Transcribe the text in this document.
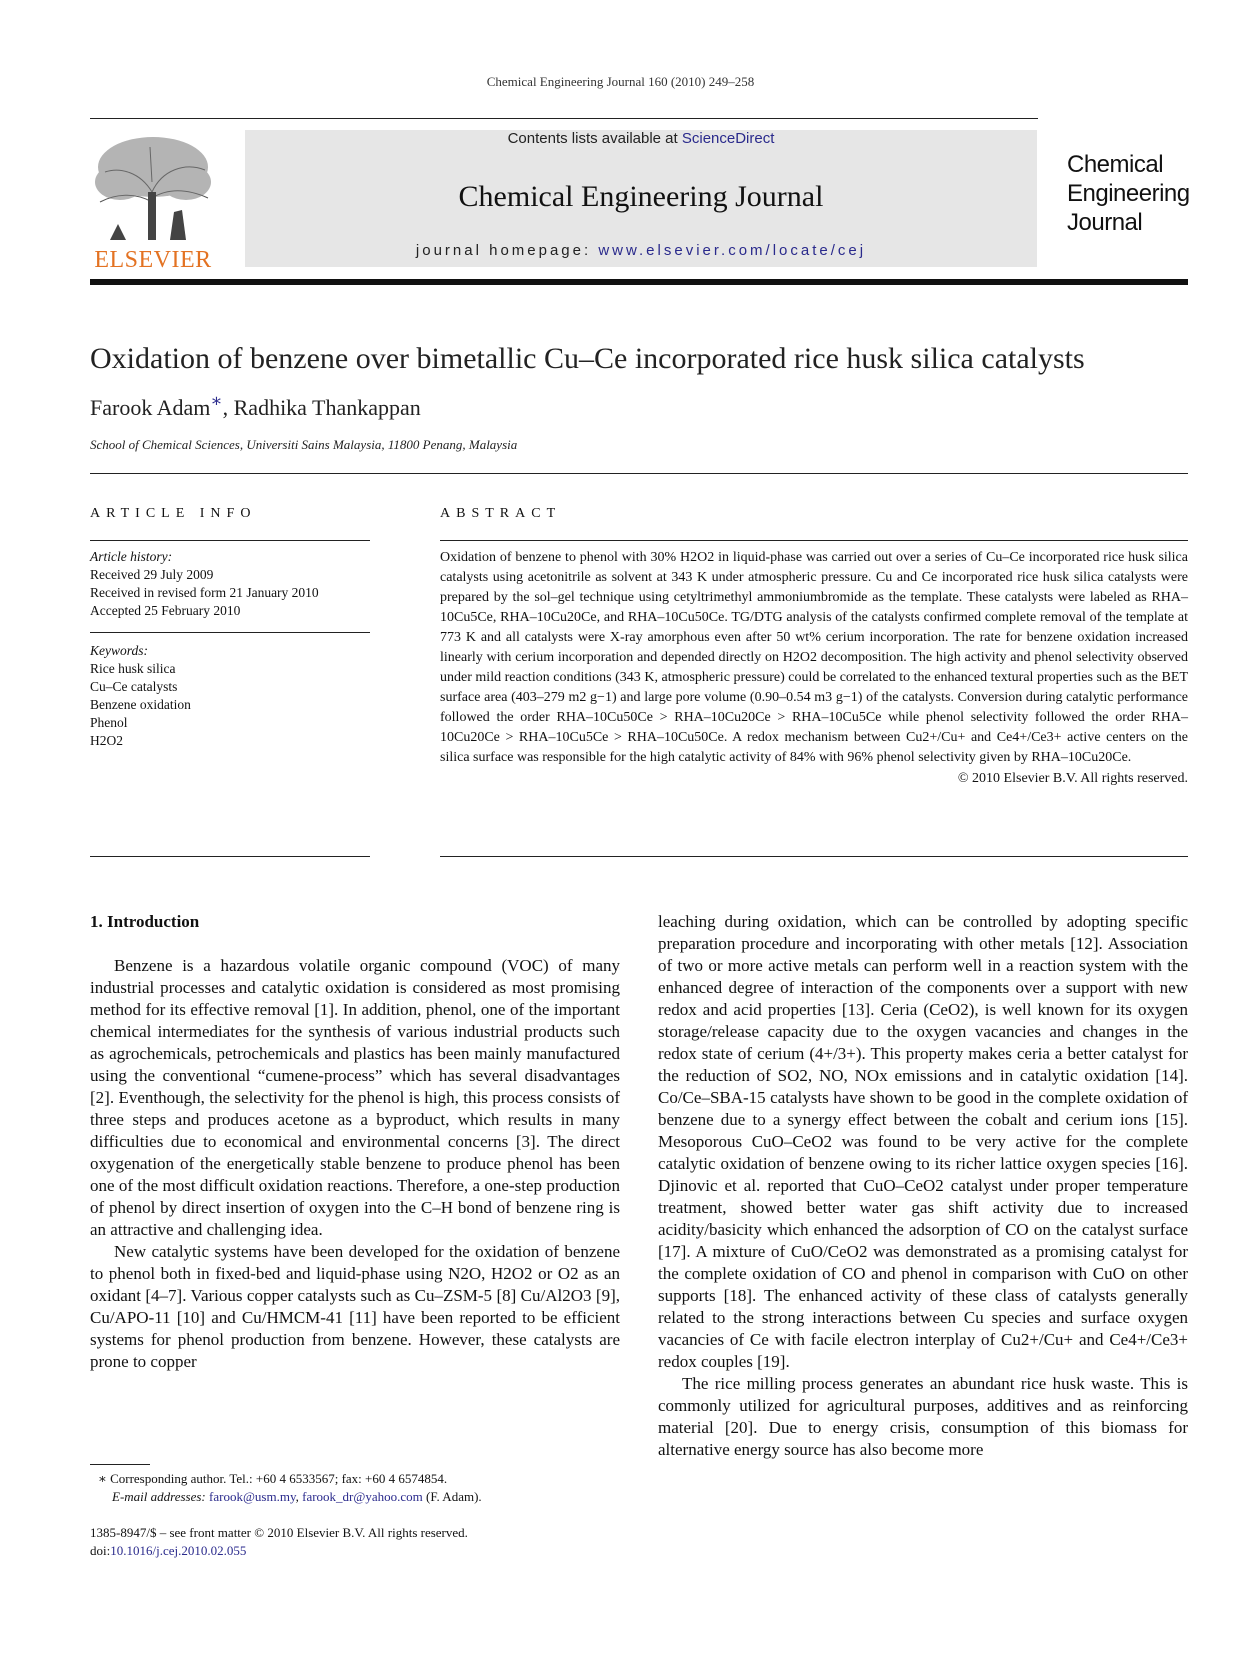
Chemical Engineering Journal 160 (2010) 249–258
ELSEVIER
Contents lists available at ScienceDirect
Chemical Engineering Journal
journal homepage: www.elsevier.com/locate/cej
Chemical
Engineering
Journal
Oxidation of benzene over bimetallic Cu–Ce incorporated rice husk silica catalysts
Farook Adam∗, Radhika Thankappan
School of Chemical Sciences, Universiti Sains Malaysia, 11800 Penang, Malaysia
ARTICLE INFO	ABSTRACT
Article history:
Received 29 July 2009
Received in revised form 21 January 2010
Accepted 25 February 2010
Keywords:
Rice husk silica
Cu–Ce catalysts
Benzene oxidation
Phenol
H2O2
Oxidation of benzene to phenol with 30% H2O2 in liquid-phase was carried out over a series of Cu–Ce incorporated rice husk silica catalysts using acetonitrile as solvent at 343 K under atmospheric pressure. Cu and Ce incorporated rice husk silica catalysts were prepared by the sol–gel technique using cetyltrimethyl ammoniumbromide as the template. These catalysts were labeled as RHA–10Cu5Ce, RHA–10Cu20Ce, and RHA–10Cu50Ce. TG/DTG analysis of the catalysts confirmed complete removal of the template at 773 K and all catalysts were X-ray amorphous even after 50 wt% cerium incorporation. The rate for benzene oxidation increased linearly with cerium incorporation and depended directly on H2O2 decomposition. The high activity and phenol selectivity observed under mild reaction conditions (343 K, atmospheric pressure) could be correlated to the enhanced textural properties such as the BET surface area (403–279 m2 g−1) and large pore volume (0.90–0.54 m3 g−1) of the catalysts. Conversion during catalytic performance followed the order RHA–10Cu50Ce > RHA–10Cu20Ce > RHA–10Cu5Ce while phenol selectivity followed the order RHA–10Cu20Ce > RHA–10Cu5Ce > RHA–10Cu50Ce. A redox mechanism between Cu2+/Cu+ and Ce4+/Ce3+ active centers on the silica surface was responsible for the high catalytic activity of 84% with 96% phenol selectivity given by RHA–10Cu20Ce.
© 2010 Elsevier B.V. All rights reserved.
1. Introduction

Benzene is a hazardous volatile organic compound (VOC) of many industrial processes and catalytic oxidation is considered as most promising method for its effective removal [1]. In addition, phenol, one of the important chemical intermediates for the synthesis of various industrial products such as agrochemicals, petrochemicals and plastics has been mainly manufactured using the conventional “cumene-process” which has several disadvantages [2]. Eventhough, the selectivity for the phenol is high, this process consists of three steps and produces acetone as a byproduct, which results in many difficulties due to economical and environmental concerns [3]. The direct oxygenation of the energetically stable benzene to produce phenol has been one of the most difficult oxidation reactions. Therefore, a one-step production of phenol by direct insertion of oxygen into the C–H bond of benzene ring is an attractive and challenging idea.

New catalytic systems have been developed for the oxidation of benzene to phenol both in fixed-bed and liquid-phase using N2O, H2O2 or O2 as an oxidant [4–7]. Various copper catalysts such as Cu–ZSM-5 [8] Cu/Al2O3 [9], Cu/APO-11 [10] and Cu/HMCM-41 [11] have been reported to be efficient systems for phenol production from benzene. However, these catalysts are prone to copper

leaching during oxidation, which can be controlled by adopting specific preparation procedure and incorporating with other metals [12]. Association of two or more active metals can perform well in a reaction system with the enhanced degree of interaction of the components over a support with new redox and acid properties [13]. Ceria (CeO2), is well known for its oxygen storage/release capacity due to the oxygen vacancies and changes in the redox state of cerium (4+/3+). This property makes ceria a better catalyst for the reduction of SO2, NO, NOx emissions and in catalytic oxidation [14]. Co/Ce–SBA-15 catalysts have shown to be good in the complete oxidation of benzene due to a synergy effect between the cobalt and cerium ions [15]. Mesoporous CuO–CeO2 was found to be very active for the complete catalytic oxidation of benzene owing to its richer lattice oxygen species [16]. Djinovic et al. reported that CuO–CeO2 catalyst under proper temperature treatment, showed better water gas shift activity due to increased acidity/basicity which enhanced the adsorption of CO on the catalyst surface [17]. A mixture of CuO/CeO2 was demonstrated as a promising catalyst for the complete oxidation of CO and phenol in comparison with CuO on other supports [18]. The enhanced activity of these class of catalysts generally related to the strong interactions between Cu species and surface oxygen vacancies of Ce with facile electron interplay of Cu2+/Cu+ and Ce4+/Ce3+ redox couples [19].

The rice milling process generates an abundant rice husk waste. This is commonly utilized for agricultural purposes, additives and as reinforcing material [20]. Due to energy crisis, consumption of this biomass for alternative energy source has also become more

∗ Corresponding author. Tel.: +60 4 6533567; fax: +60 4 6574854.
E-mail addresses: farook@usm.my, farook_dr@yahoo.com (F. Adam).
1385-8947/$ – see front matter © 2010 Elsevier B.V. All rights reserved.
doi:10.1016/j.cej.2010.02.055
